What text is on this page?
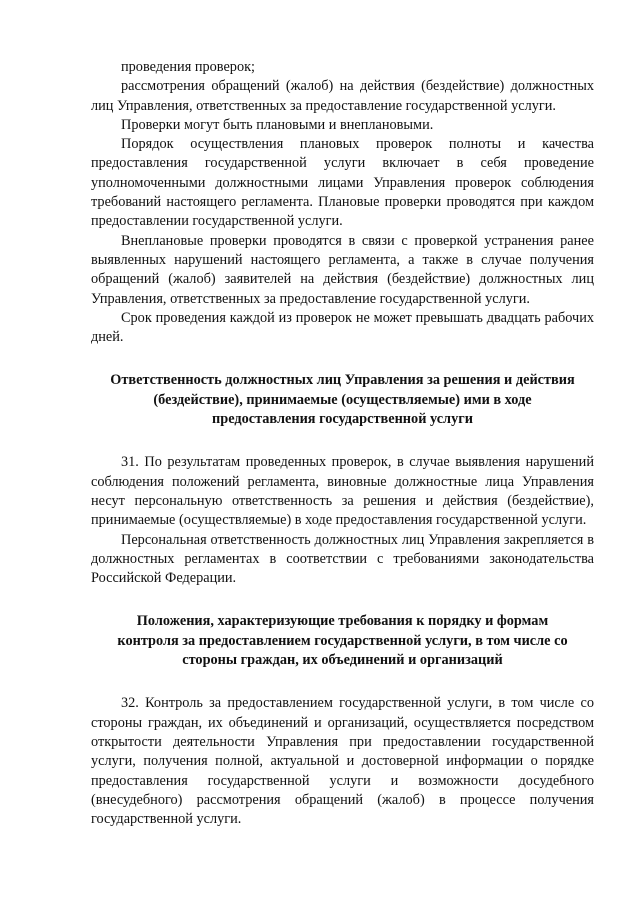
проведения проверок;

рассмотрения обращений (жалоб) на действия (бездействие) должностных лиц Управления, ответственных за предоставление государственной услуги.

Проверки могут быть плановыми и внеплановыми.

Порядок осуществления плановых проверок полноты и качества предоставления государственной услуги включает в себя проведение уполномоченными должностными лицами Управления проверок соблюдения требований настоящего регламента. Плановые проверки проводятся при каждом предоставлении государственной услуги.

Внеплановые проверки проводятся в связи с проверкой устранения ранее выявленных нарушений настоящего регламента, а также в случае получения обращений (жалоб) заявителей на действия (бездействие) должностных лиц Управления, ответственных за предоставление государственной услуги.

Срок проведения каждой из проверок не может превышать двадцать рабочих дней.

Ответственность должностных лиц Управления за решения и действия (бездействие), принимаемые (осуществляемые) ими в ходе предоставления государственной услуги

31. По результатам проведенных проверок, в случае выявления нарушений соблюдения положений регламента, виновные должностные лица Управления несут персональную ответственность за решения и действия (бездействие), принимаемые (осуществляемые) в ходе предоставления государственной услуги.

Персональная ответственность должностных лиц Управления закрепляется в должностных регламентах в соответствии с требованиями законодательства Российской Федерации.

Положения, характеризующие требования к порядку и формам контроля за предоставлением государственной услуги, в том числе со стороны граждан, их объединений и организаций

32. Контроль за предоставлением государственной услуги, в том числе со стороны граждан, их объединений и организаций, осуществляется посредством открытости деятельности Управления при предоставлении государственной услуги, получения полной, актуальной и достоверной информации о порядке предоставления государственной услуги и возможности досудебного (внесудебного) рассмотрения обращений (жалоб) в процессе получения государственной услуги.
